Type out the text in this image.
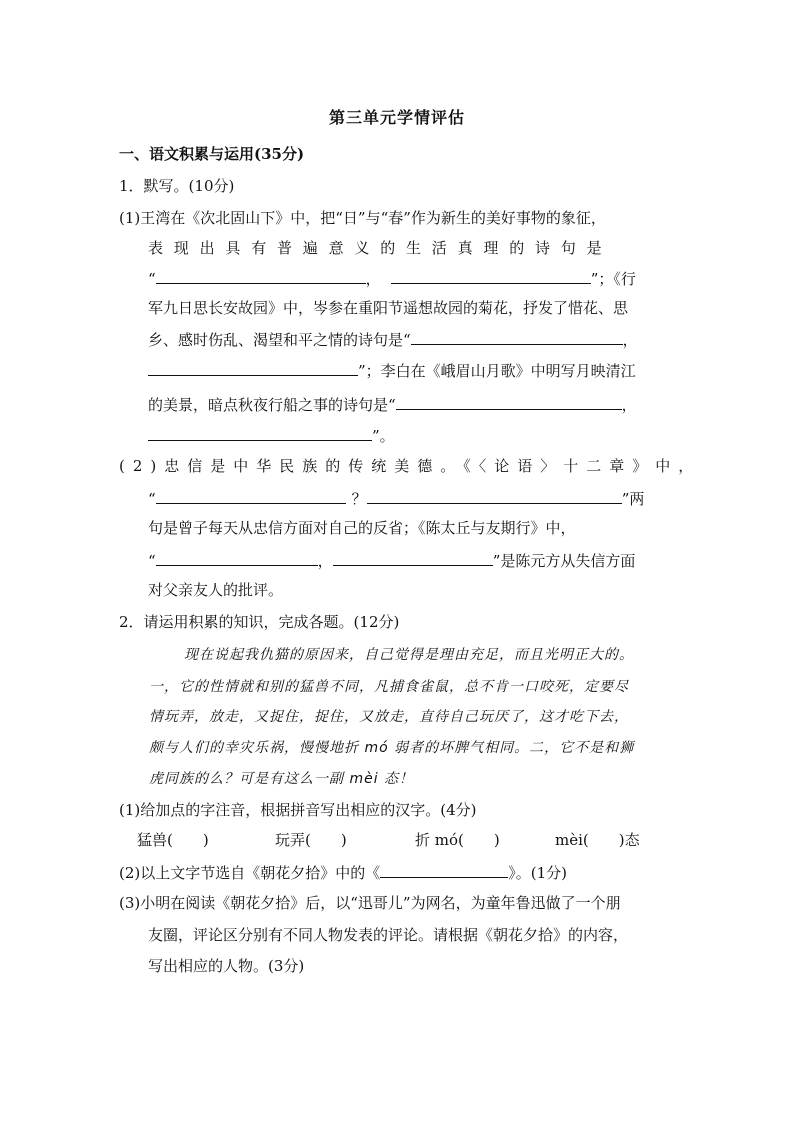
第三单元学情评估
一、语文积累与运用(35分)
1．默写。(10分)
(1)王湾在《次北固山下》中，把“日”与“春”作为新生的美好事物的象征，
表现出具有普遍意义的生活真理的诗句是
“	，	”；《行
军九日思长安故园》中，岑参在重阳节遥想故园的菊花，抒发了惜花、思
乡、感时伤乱、渴望和平之情的诗句是“	，
”；李白在《峨眉山月歌》中明写月映清江
的美景，暗点秋夜行船之事的诗句是“	，
”。
(2)忠信是中华民族的传统美德。《〈论语〉十二章》中，
“	？	”两
句是曾子每天从忠信方面对自己的反省；《陈太丘与友期行》中，
“	，	”是陈元方从失信方面
对父亲友人的批评。
2．请运用积累的知识，完成各题。(12分)
现在说起我仇猫的原因来，自己觉得是理由充足，而且光明正大的。
一，它的性情就和别的猛兽不同，凡捕食雀鼠，总不肯一口咬死，定要尽
情玩弄，放走，又捉住，捉住，又放走，直待自己玩厌了，这才吃下去，
颇与人们的幸灾乐祸，慢慢地折 mó 弱者的坏脾气相同。二，它不是和狮
虎同族的么？可是有这么一副 mèi 态！
(1)给加点的字注音，根据拼音写出相应的汉字。(4分)
猛兽(　　)	玩弄(　　)	折 mó(　　)	mèi(　　)态
(2)以上文字节选自《朝花夕拾》中的《	》。(1分)
(3)小明在阅读《朝花夕拾》后，以“迅哥儿”为网名，为童年鲁迅做了一个朋
友圈，评论区分别有不同人物发表的评论。请根据《朝花夕拾》的内容，
写出相应的人物。(3分)
